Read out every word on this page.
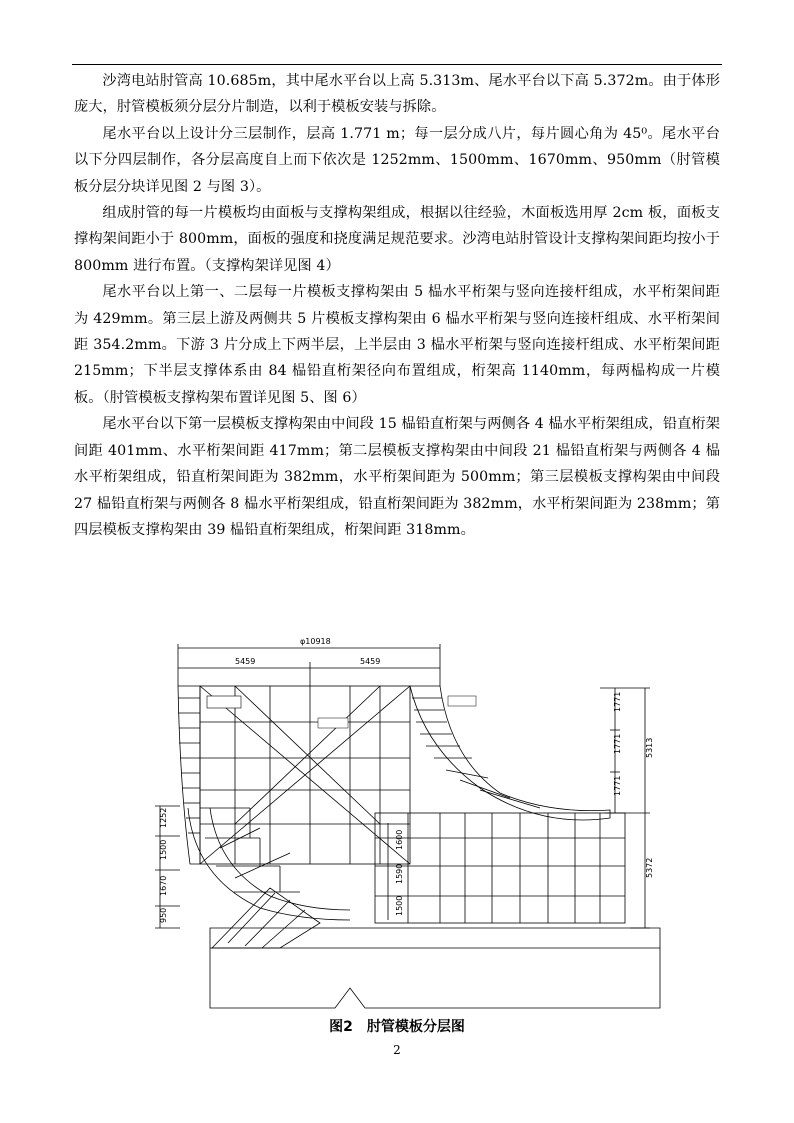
沙湾电站肘管高 10.685m，其中尾水平台以上高 5.313m、尾水平台以下高 5.372m。由于体形庞大，肘管模板须分层分片制造，以利于模板安装与拆除。

尾水平台以上设计分三层制作，层高 1.771 m；每一层分成八片，每片圆心角为 45⁰。尾水平台以下分四层制作，各分层高度自上而下依次是 1252mm、1500mm、1670mm、950mm（肘管模板分层分块详见图 2 与图 3）。

组成肘管的每一片模板均由面板与支撑构架组成，根据以往经验，木面板选用厚 2cm 板，面板支撑构架间距小于 800mm，面板的强度和挠度满足规范要求。沙湾电站肘管设计支撑构架间距均按小于 800mm 进行布置。（支撑构架详见图 4）

尾水平台以上第一、二层每一片模板支撑构架由 5 榀水平桁架与竖向连接杆组成，水平桁架间距为 429mm。第三层上游及两侧共 5 片模板支撑构架由 6 榀水平桁架与竖向连接杆组成、水平桁架间距 354.2mm。下游 3 片分成上下两半层，上半层由 3 榀水平桁架与竖向连接杆组成、水平桁架间距 215mm；下半层支撑体系由 84 榀铅直桁架径向布置组成，桁架高 1140mm，每两榀构成一片模板。（肘管模板支撑构架布置详见图 5、图 6）

尾水平台以下第一层模板支撑构架由中间段 15 榀铅直桁架与两侧各 4 榀水平桁架组成，铅直桁架间距 401mm、水平桁架间距 417mm；第二层模板支撑构架由中间段 21 榀铅直桁架与两侧各 4 榀水平桁架组成，铅直桁架间距为 382mm，水平桁架间距为 500mm；第三层模板支撑构架由中间段 27 榀铅直桁架与两侧各 8 榀水平桁架组成，铅直桁架间距为 382mm，水平桁架间距为 238mm；第四层模板支撑构架由 39 榀铅直桁架组成，桁架间距 318mm。

φ10918
5459	5459
1771
1771
1771
5313
5372
1252
1500
1670
950
1600
1590
1500
图2　肘管模板分层图
2
